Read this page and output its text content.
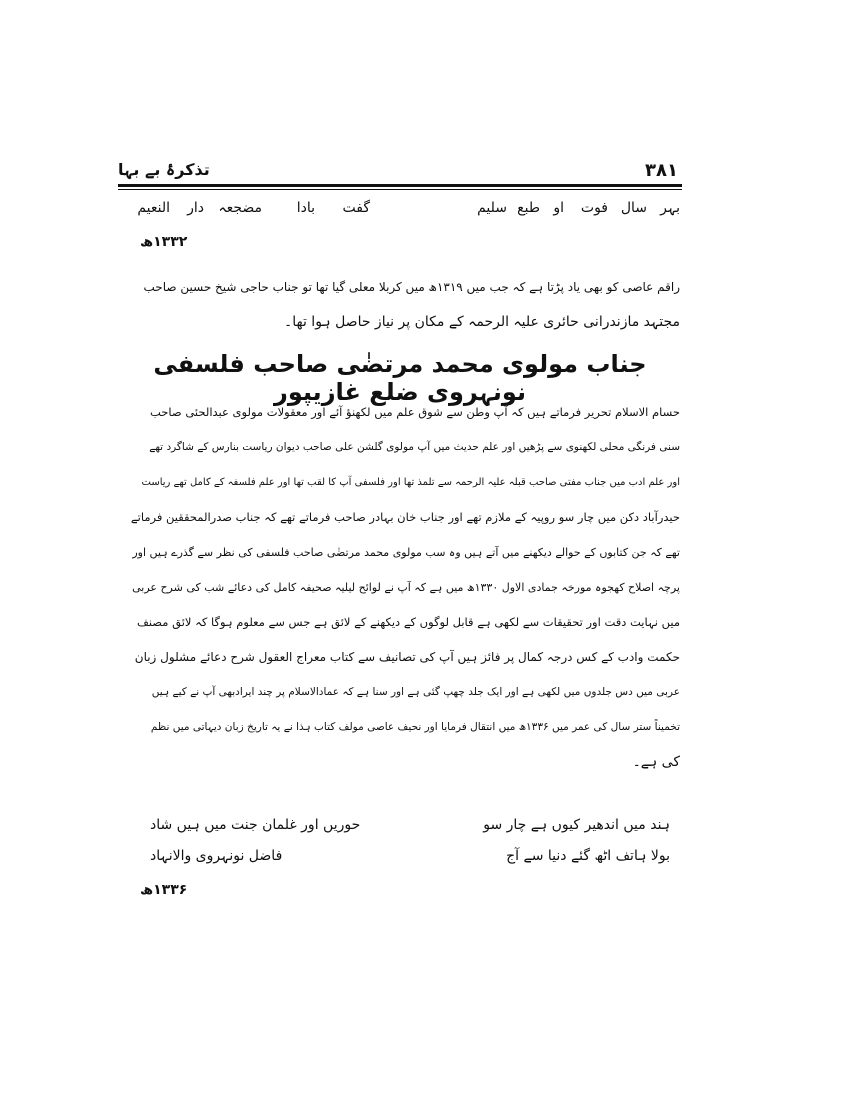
۳۸۱
تذکرۂ بے بہا
بہر
سال
فوت
او
طبع
سلیم
گفت
بادا
مضجعہ
دار
النعیم
۱۳۳۲ھ
راقم عاصی کو بھی یاد پڑتا ہے کہ جب میں ۱۳۱۹ھ میں کربلا معلی گیا تھا تو جناب حاجی شیخ حسین صاحب
مجتہد مازندرانی حائری علیہ الرحمہ کے مکان پر نیاز حاصل ہوا تھا۔
جناب مولوی محمد مرتضٰی صاحب فلسفی نونہروی ضلع غازیپور
حسام الاسلام تحریر فرماتے ہیں کہ آپ وطن سے شوق علم میں لکھنؤ آئے اور معقولات مولوی عبدالحئی صاحب
سنی فرنگی محلی لکھنوی سے پڑھیں اور علم حدیث میں آپ مولوی گلشن علی صاحب دیوان ریاست بنارس کے شاگرد تھے
اور علم ادب میں جناب مفتی صاحب قبلہ علیہ الرحمہ سے تلمذ تھا اور فلسفی آپ کا لقب تھا اور علم فلسفہ کے کامل تھے ریاست
حیدرآباد دکن میں چار سو روپیہ کے ملازم تھے اور جناب خان بہادر صاحب فرماتے تھے کہ جناب صدرالمحققین فرماتے
تھے کہ جن کتابوں کے حوالے دیکھنے میں آتے ہیں وہ سب مولوی محمد مرتضٰی صاحب فلسفی کی نظر سے گذرے ہیں اور
پرچہ اصلاح کھجوہ مورخہ جمادی الاول ۱۳۳۰ھ میں ہے کہ آپ نے لوائح لیلیہ صحیفہ کامل کی دعائے شب کی شرح عربی
میں نہایت دقت اور تحقیقات سے لکھی ہے قابل لوگوں کے دیکھنے کے لائق ہے جس سے معلوم ہوگا کہ لائق مصنف
حکمت وادب کے کس درجہ کمال پر فائز ہیں آپ کی تصانیف سے کتاب معراج العقول شرح دعائے مشلول زبان
عربی میں دس جلدوں میں لکھی ہے اور ایک جلد چھپ گئی ہے اور سنا ہے کہ عمادالاسلام پر چند ایرادبھی آپ نے کیے ہیں
تخمیناً ستر سال کی عمر میں ۱۳۳۶ھ میں انتقال فرمایا اور نحیف عاصی مولف کتاب ہذا نے یہ تاریخ زبان دیہاتی میں نظم
کی ہے۔
ہند میں اندھیر کیوں ہے چار سو
حوریں اور غلمان جنت میں ہیں شاد
بولا ہاتف اٹھ گئے دنیا سے آج
فاضل نونہروی والانہاد
۱۳۳۶ھ
